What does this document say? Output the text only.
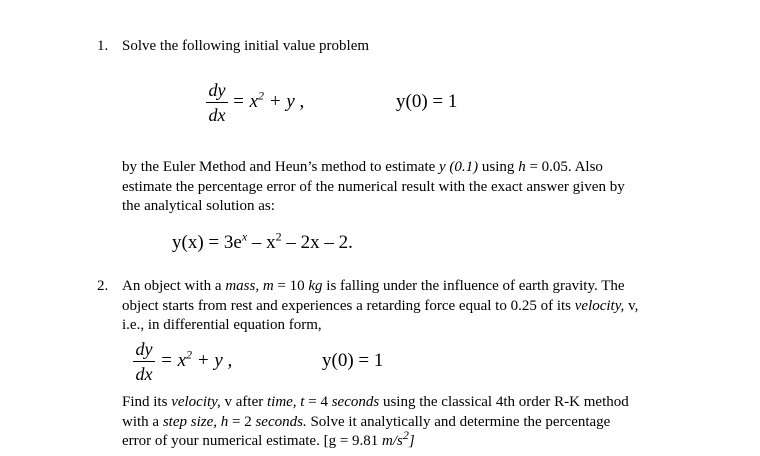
1. Solve the following initial value problem
dy
dx
= $x^2 + y$ ,	y(0) = 1
by the Euler Method and Heun’s method to estimate y (0.1) using h = 0.05. Also
estimate the percentage error of the numerical result with the exact answer given by
the analytical solution as:
$y(x) = 3e^x - x^2 - 2x - 2$.
2. An object with a mass, m = 10 kg is falling under the influence of earth gravity. The
object starts from rest and experiences a retarding force equal to 0.25 of its velocity, v,
i.e., in differential equation form,
dy
dx
= $x^2 + y$ ,	y(0) = 1
Find its velocity, v after time, t = 4 seconds using the classical 4th order R-K method
with a step size, h = 2 seconds. Solve it analytically and determine the percentage
error of your numerical estimate. [g = 9.81 $m/s^2$]
